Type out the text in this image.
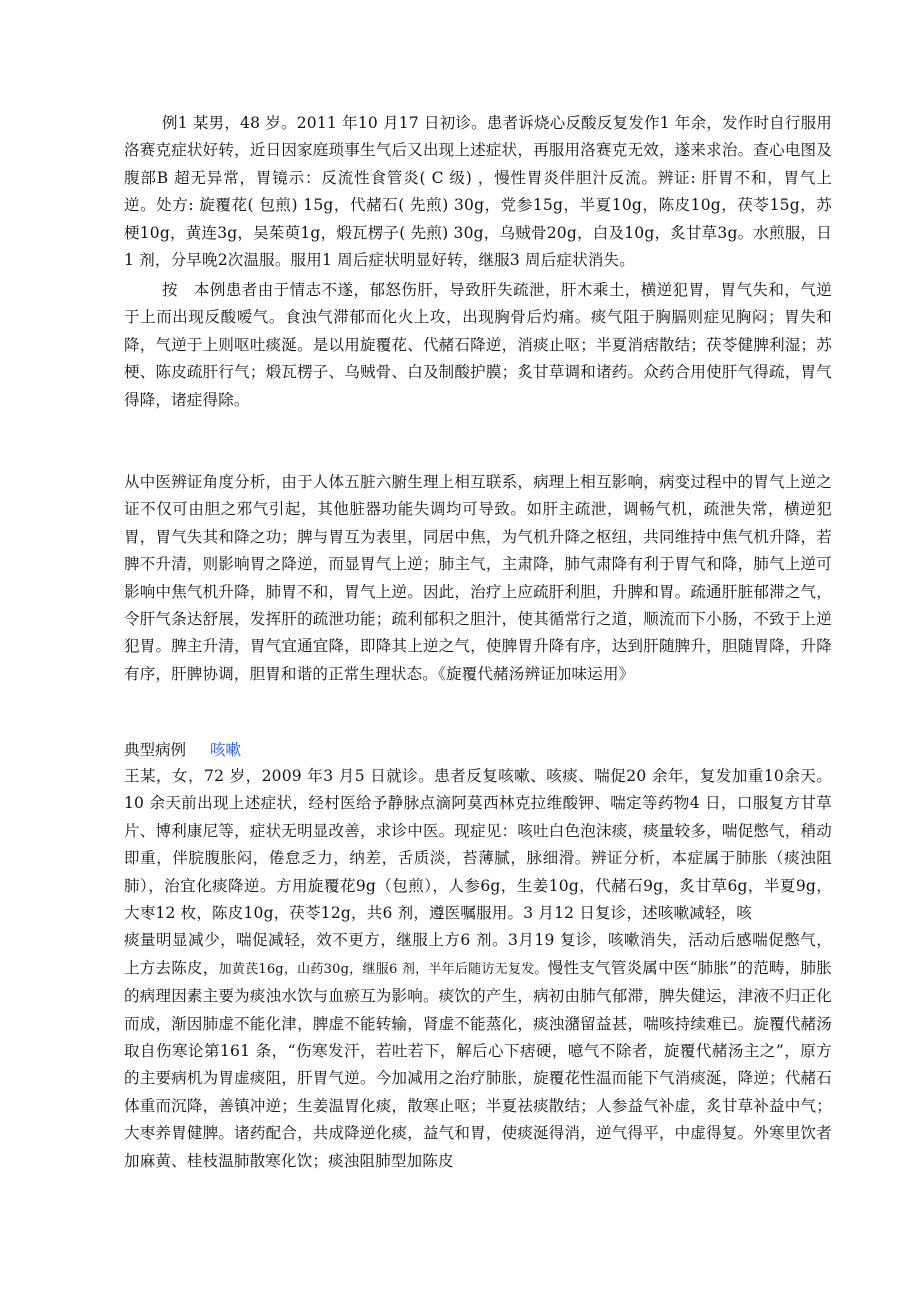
例1 某男，48 岁。2011 年10 月17 日初诊。患者诉烧心反酸反复发作1 年余，发作时自行服用洛赛克症状好转，近日因家庭琐事生气后又出现上述症状，再服用洛赛克无效，遂来求治。查心电图及腹部B 超无异常，胃镜示：反流性食管炎( C 级) ，慢性胃炎伴胆汁反流。辨证: 肝胃不和，胃气上逆。处方: 旋覆花( 包煎) 15g，代赭石( 先煎) 30g，党参15g，半夏10g，陈皮10g，茯苓15g，苏梗10g，黄连3g，吴茱萸1g，煅瓦楞子( 先煎) 30g，乌贼骨20g，白及10g，炙甘草3g。水煎服，日1 剂，分早晚2次温服。服用1 周后症状明显好转，继服3 周后症状消失。

按　本例患者由于情志不遂，郁怒伤肝，导致肝失疏泄，肝木乘土，横逆犯胃，胃气失和，气逆于上而出现反酸嗳气。食浊气滞郁而化火上攻，出现胸骨后灼痛。痰气阻于胸膈则症见胸闷；胃失和降，气逆于上则呕吐痰涎。是以用旋覆花、代赭石降逆，消痰止呕；半夏消痞散结；茯苓健脾利湿；苏梗、陈皮疏肝行气；煅瓦楞子、乌贼骨、白及制酸护膜；炙甘草调和诸药。众药合用使肝气得疏，胃气得降，诸症得除。

从中医辨证角度分析，由于人体五脏六腑生理上相互联系，病理上相互影响，病变过程中的胃气上逆之证不仅可由胆之邪气引起，其他脏器功能失调均可导致。如肝主疏泄，调畅气机，疏泄失常，横逆犯胃，胃气失其和降之功；脾与胃互为表里，同居中焦，为气机升降之枢纽，共同维持中焦气机升降，若脾不升清，则影响胃之降逆，而显胃气上逆；肺主气，主肃降，肺气肃降有利于胃气和降，肺气上逆可影响中焦气机升降，肺胃不和，胃气上逆。因此，治疗上应疏肝利胆，升脾和胃。疏通肝脏郁滞之气，令肝气条达舒展，发挥肝的疏泄功能；疏利郁积之胆汁，使其循常行之道，顺流而下小肠，不致于上逆犯胃。脾主升清，胃气宜通宜降，即降其上逆之气，使脾胃升降有序，达到肝随脾升，胆随胃降，升降有序，肝脾协调，胆胃和谐的正常生理状态。《旋覆代赭汤辨证加味运用》

典型病例 咳嗽

王某，女，72 岁，2009 年3 月5 日就诊。患者反复咳嗽、咳痰、喘促20 余年，复发加重10余天。10 余天前出现上述症状，经村医给予静脉点滴阿莫西林克拉维酸钾、喘定等药物4 日，口服复方甘草片、博利康尼等，症状无明显改善，求诊中医。现症见：咳吐白色泡沫痰，痰量较多，喘促憋气，稍动即重，伴脘腹胀闷，倦怠乏力，纳差，舌质淡，苔薄腻，脉细滑。辨证分析，本症属于肺胀（痰浊阻肺），治宜化痰降逆。方用旋覆花9g（包煎），人参6g，生姜10g，代赭石9g，炙甘草6g，半夏9g，大枣12 枚，陈皮10g，茯苓12g，共6 剂，遵医嘱服用。3 月12 日复诊，述咳嗽减轻，咳
痰量明显减少，喘促减轻，效不更方，继服上方6 剂。3月19 复诊，咳嗽消失，活动后感喘促憋气，上方去陈皮，加黄芪16g，山药30g，继服6 剂，半年后随访无复发。慢性支气管炎属中医“肺胀”的范畴，肺胀的病理因素主要为痰浊水饮与血瘀互为影响。痰饮的产生，病初由肺气郁滞，脾失健运，津液不归正化而成，渐因肺虚不能化津，脾虚不能转输，肾虚不能蒸化，痰浊潴留益甚，喘咳持续难已。旋覆代赭汤取自伤寒论第161 条，“伤寒发汗，若吐若下，解后心下痞硬，噫气不除者，旋覆代赭汤主之”，原方的主要病机为胃虚痰阻，肝胃气逆。今加减用之治疗肺胀，旋覆花性温而能下气消痰涎，降逆；代赭石体重而沉降，善镇冲逆；生姜温胃化痰，散寒止呕；半夏祛痰散结；人参益气补虚，炙甘草补益中气；大枣养胃健脾。诸药配合，共成降逆化痰，益气和胃，使痰涎得消，逆气得平，中虚得复。外寒里饮者加麻黄、桂枝温肺散寒化饮；痰浊阻肺型加陈皮
